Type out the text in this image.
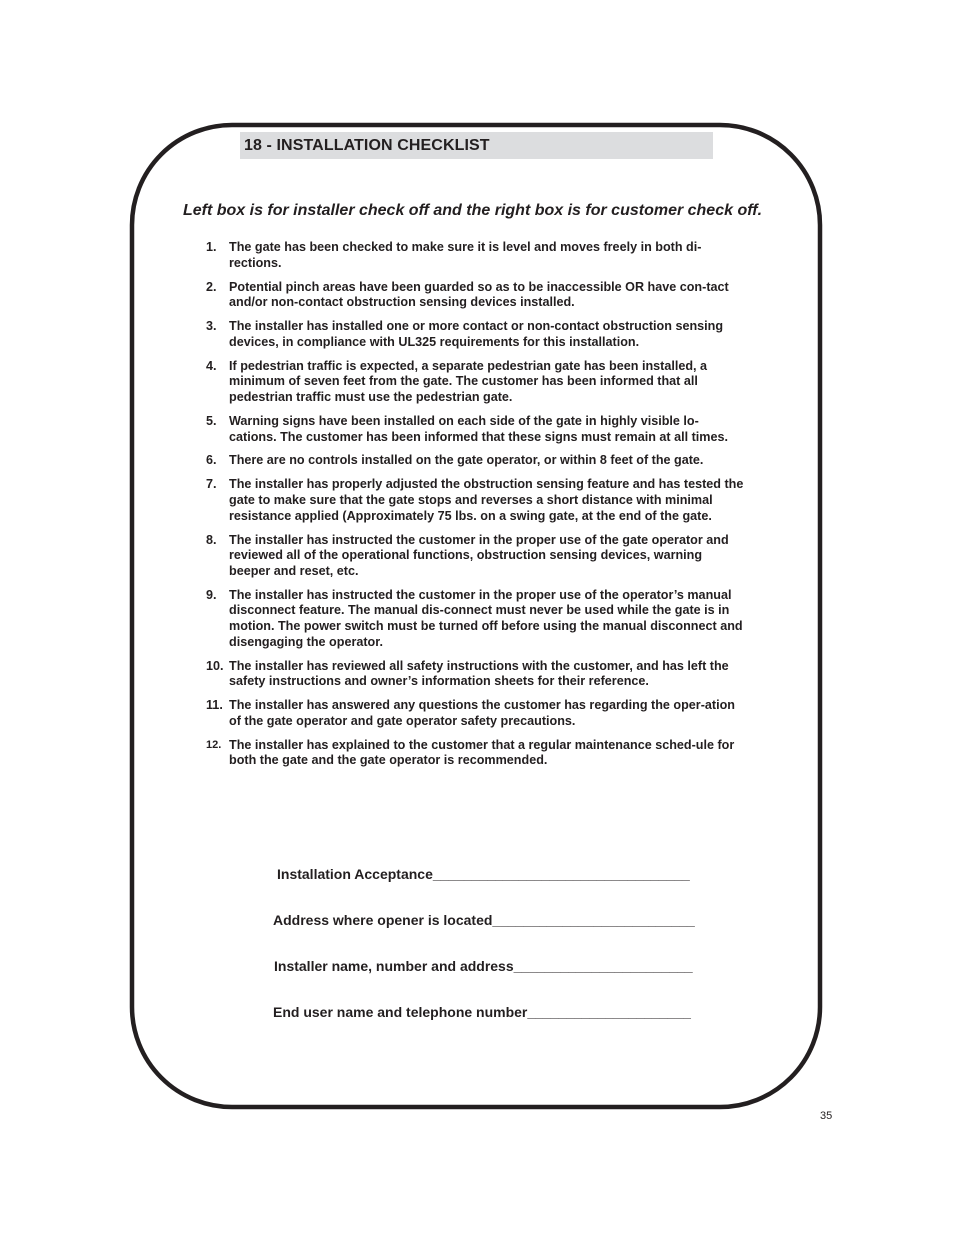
18 - INSTALLATION CHECKLIST
Left box is for installer check off and the right box is for customer check off.
1. The gate has been checked to make sure it is level and moves freely in both di-rections.
2. Potential pinch areas have been guarded so as to be inaccessible OR have con-tact and/or non-contact obstruction sensing devices installed.
3. The installer has installed one or more contact or non-contact obstruction sensing devices, in compliance with UL325 requirements for this installation.
4. If pedestrian traffic is expected, a separate pedestrian gate has been installed, a minimum of seven feet from the gate. The customer has been informed that all pedestrian traffic must use the pedestrian gate.
5. Warning signs have been installed on each side of the gate in highly visible lo-cations. The customer has been informed that these signs must remain at all times.
6. There are no controls installed on the gate operator, or within 8 feet of the gate.
7. The installer has properly adjusted the obstruction sensing feature and has tested the gate to make sure that the gate stops and reverses a short distance with minimal resistance applied (Approximately 75 lbs. on a swing gate, at the end of the gate.
8. The installer has instructed the customer in the proper use of the gate operator and reviewed all of the operational functions, obstruction sensing devices, warning beeper and reset, etc.
9. The installer has instructed the customer in the proper use of the operator’s manual disconnect feature. The manual dis-connect must never be used while the gate is in motion. The power switch must be turned off before using the manual disconnect and disengaging the operator.
10. The installer has reviewed all safety instructions with the customer, and has left the safety instructions and owner’s information sheets for their reference.
11. The installer has answered any questions the customer has regarding the oper-ation of the gate operator and gate operator safety precautions.
12. The installer has explained to the customer that a regular maintenance sched-ule for both the gate and the gate operator is recommended.
Installation Acceptance_________________________________
Address where opener is located__________________________
Installer name, number and address_______________________
End user name and telephone number_____________________
35
